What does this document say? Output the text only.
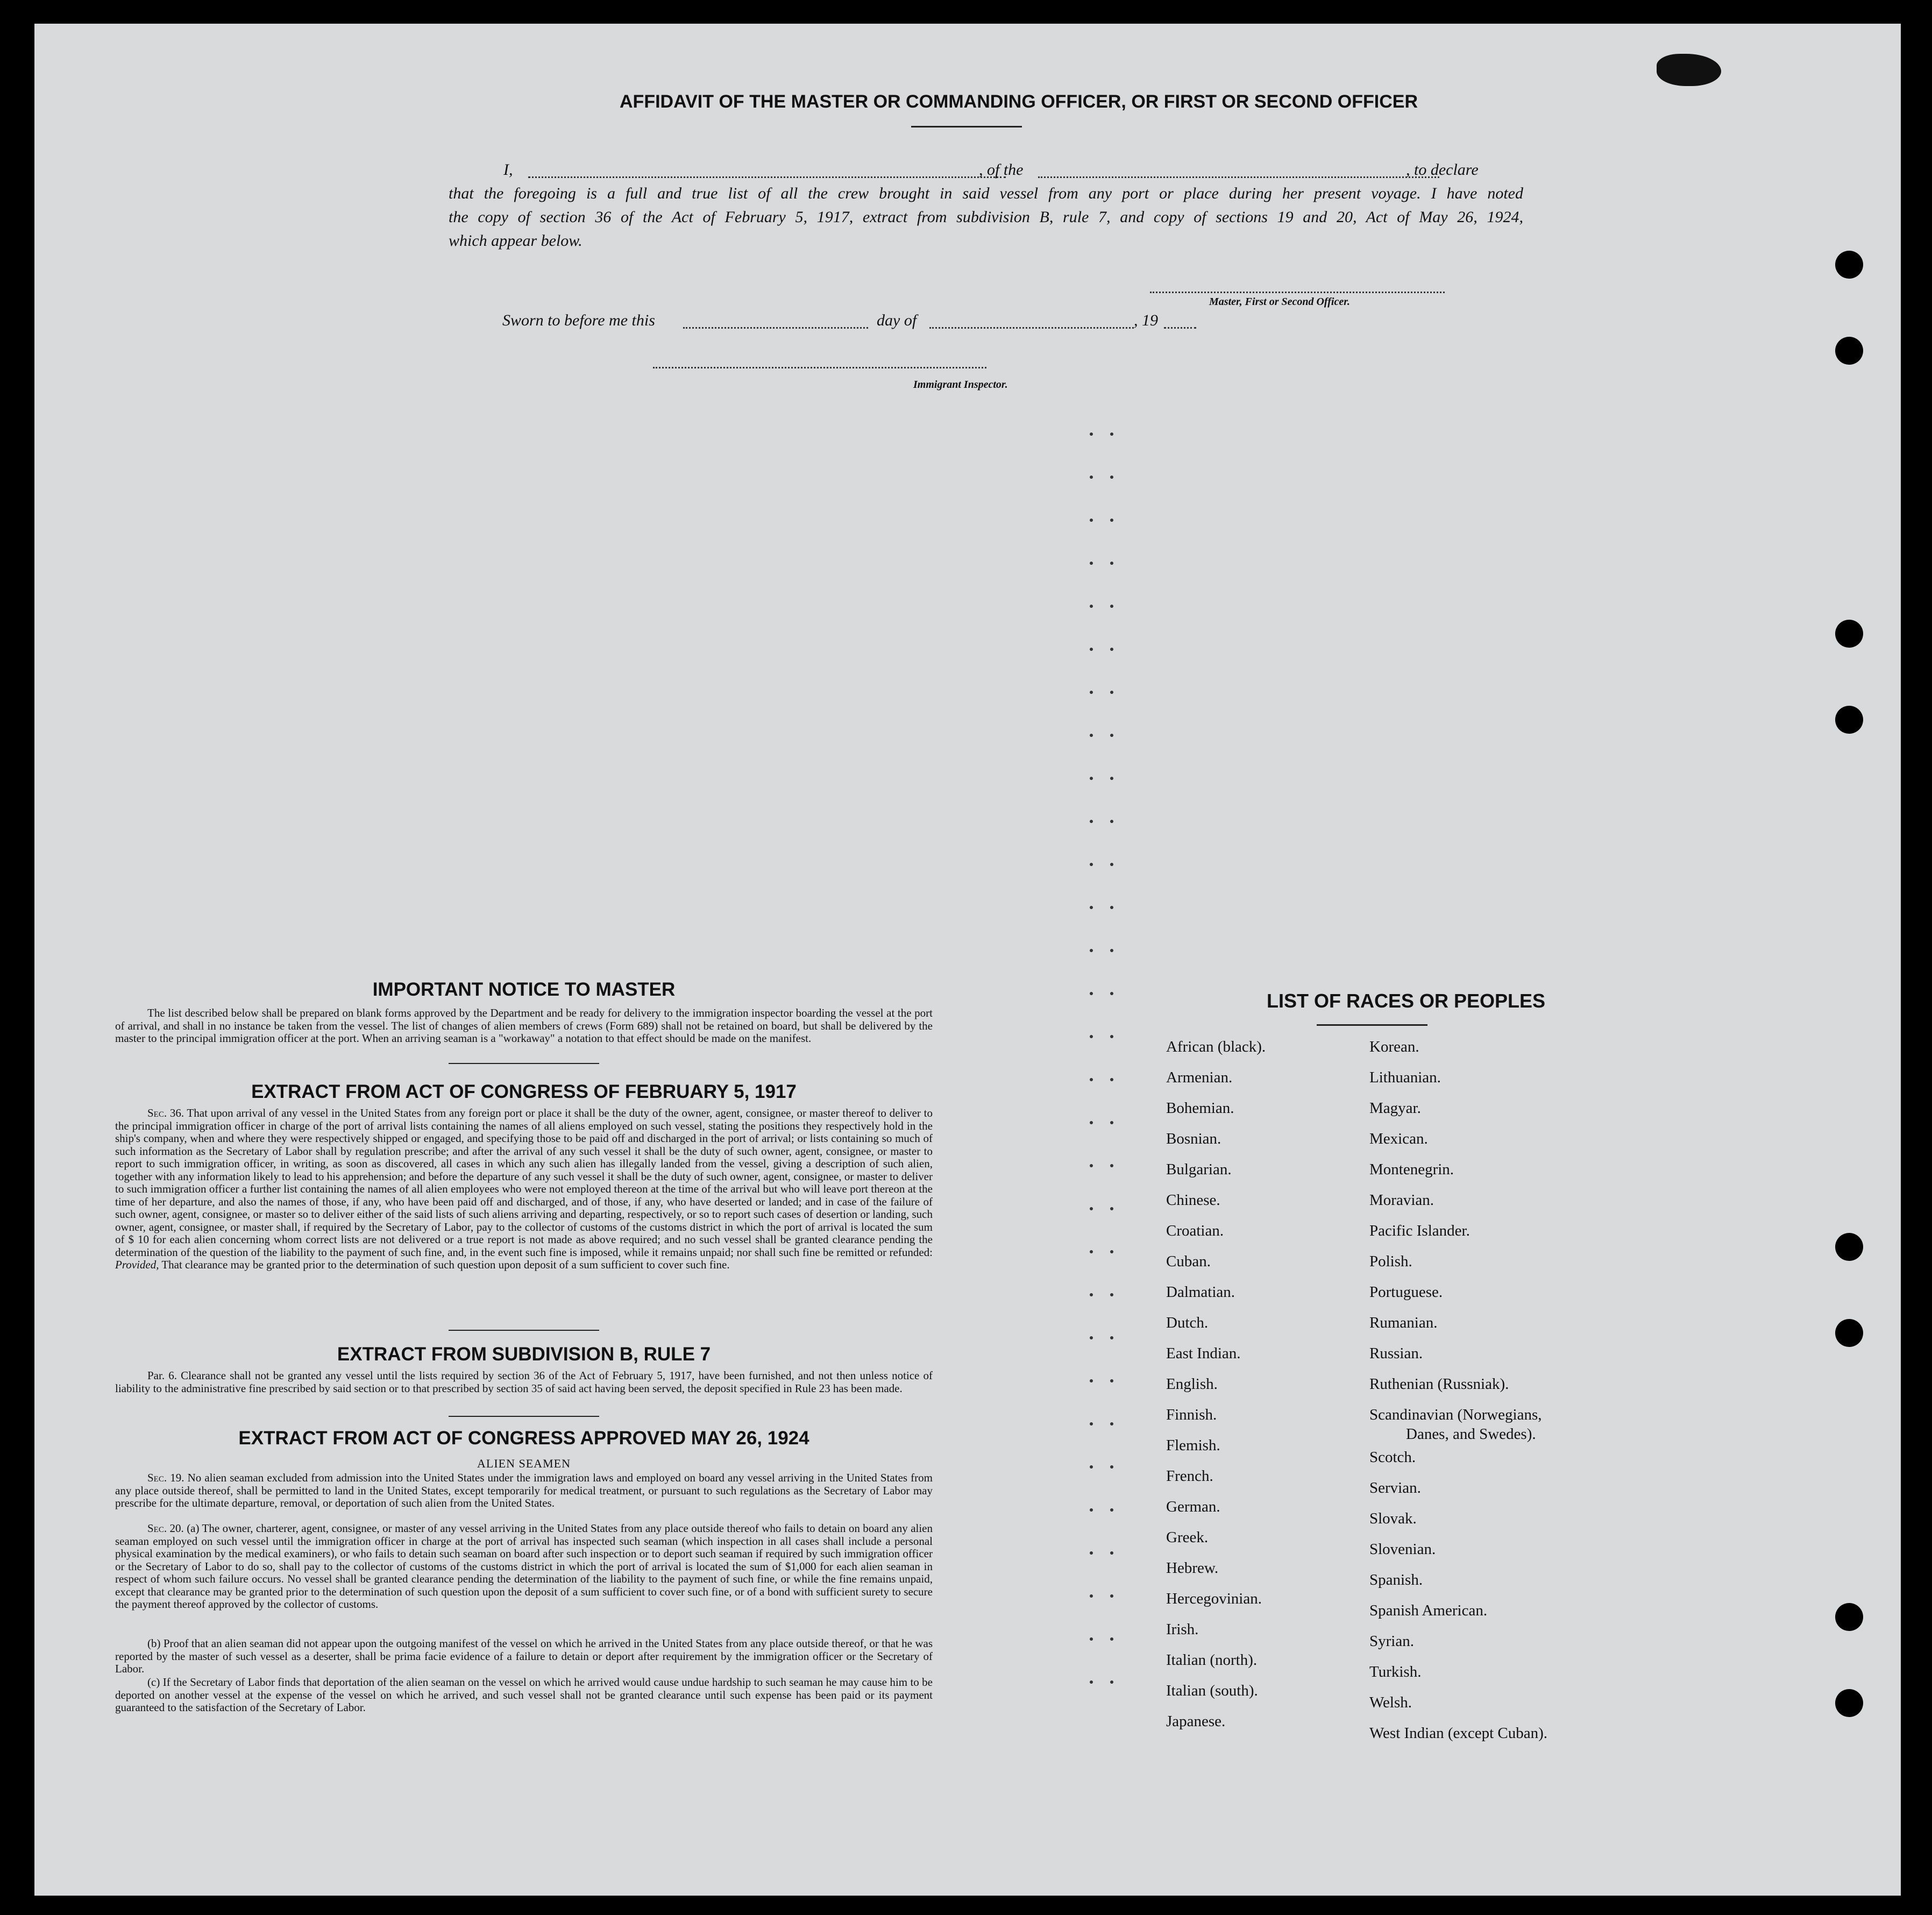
AFFIDAVIT OF THE MASTER OR COMMANDING OFFICER, OR FIRST OR SECOND OFFICER
I,	, of the	, to declare
that the foregoing is a full and true list of all the crew brought in said vessel from any port or place during her present voyage. I have noted
the copy of section 36 of the Act of February 5, 1917, extract from subdivision B, rule 7, and copy of sections 19 and 20, Act of May 26, 1924,
which appear below.
Master, First or Second Officer.
Sworn to before me this	day of	, 19
Immigrant Inspector.
IMPORTANT NOTICE TO MASTER
The list described below shall be prepared on blank forms approved by the Department and be ready for delivery to the immigration inspector boarding the vessel at the port of arrival, and shall in no instance be taken from the vessel. The list of changes of alien members of crews (Form 689) shall not be retained on board, but shall be delivered by the master to the principal immigration officer at the port. When an arriving seaman is a "workaway" a notation to that effect should be made on the manifest.
EXTRACT FROM ACT OF CONGRESS OF FEBRUARY 5, 1917
Sec. 36. That upon arrival of any vessel in the United States from any foreign port or place it shall be the duty of the owner, agent, consignee, or master thereof to deliver to the principal immigration officer in charge of the port of arrival lists containing the names of all aliens employed on such vessel, stating the positions they respectively hold in the ship's company, when and where they were respectively shipped or engaged, and specifying those to be paid off and discharged in the port of arrival; or lists containing so much of such information as the Secretary of Labor shall by regulation prescribe; and after the arrival of any such vessel it shall be the duty of such owner, agent, consignee, or master to report to such immigration officer, in writing, as soon as discovered, all cases in which any such alien has illegally landed from the vessel, giving a description of such alien, together with any information likely to lead to his apprehension; and before the departure of any such vessel it shall be the duty of such owner, agent, consignee, or master to deliver to such immigration officer a further list containing the names of all alien employees who were not employed thereon at the time of the arrival but who will leave port thereon at the time of her departure, and also the names of those, if any, who have been paid off and discharged, and of those, if any, who have deserted or landed; and in case of the failure of such owner, agent, consignee, or master so to deliver either of the said lists of such aliens arriving and departing, respectively, or so to report such cases of desertion or landing, such owner, agent, consignee, or master shall, if required by the Secretary of Labor, pay to the collector of customs of the customs district in which the port of arrival is located the sum of $ 10 for each alien concerning whom correct lists are not delivered or a true report is not made as above required; and no such vessel shall be granted clearance pending the determination of the question of the liability to the payment of such fine, and, in the event such fine is imposed, while it remains unpaid; nor shall such fine be remitted or refunded: Provided, That clearance may be granted prior to the determination of such question upon deposit of a sum sufficient to cover such fine.
EXTRACT FROM SUBDIVISION B, RULE 7
Par. 6. Clearance shall not be granted any vessel until the lists required by section 36 of the Act of February 5, 1917, have been furnished, and not then unless notice of liability to the administrative fine prescribed by said section or to that prescribed by section 35 of said act having been served, the deposit specified in Rule 23 has been made.
EXTRACT FROM ACT OF CONGRESS APPROVED MAY 26, 1924
ALIEN SEAMEN
Sec. 19. No alien seaman excluded from admission into the United States under the immigration laws and employed on board any vessel arriving in the United States from any place outside thereof, shall be permitted to land in the United States, except temporarily for medical treatment, or pursuant to such regulations as the Secretary of Labor may prescribe for the ultimate departure, removal, or deportation of such alien from the United States.
Sec. 20. (a) The owner, charterer, agent, consignee, or master of any vessel arriving in the United States from any place outside thereof who fails to detain on board any alien seaman employed on such vessel until the immigration officer in charge at the port of arrival has inspected such seaman (which inspection in all cases shall include a personal physical examination by the medical examiners), or who fails to detain such seaman on board after such inspection or to deport such seaman if required by such immigration officer or the Secretary of Labor to do so, shall pay to the collector of customs of the customs district in which the port of arrival is located the sum of $1,000 for each alien seaman in respect of whom such failure occurs. No vessel shall be granted clearance pending the determination of the liability to the payment of such fine, or while the fine remains unpaid, except that clearance may be granted prior to the determination of such question upon the deposit of a sum sufficient to cover such fine, or of a bond with sufficient surety to secure the payment thereof approved by the collector of customs.
(b) Proof that an alien seaman did not appear upon the outgoing manifest of the vessel on which he arrived in the United States from any place outside thereof, or that he was reported by the master of such vessel as a deserter, shall be prima facie evidence of a failure to detain or deport after requirement by the immigration officer or the Secretary of Labor.
(c) If the Secretary of Labor finds that deportation of the alien seaman on the vessel on which he arrived would cause undue hardship to such seaman he may cause him to be deported on another vessel at the expense of the vessel on which he arrived, and such vessel shall not be granted clearance until such expense has been paid or its payment guaranteed to the satisfaction of the Secretary of Labor.
LIST OF RACES OR PEOPLES
Danes, and Swedes).
African (black).
Armenian.
Bohemian.
Bosnian.
Bulgarian.
Chinese.
Croatian.
Cuban.
Dalmatian.
Dutch.
East Indian.
English.
Finnish.
Flemish.
French.
German.
Greek.
Hebrew.
Hercegovinian.
Irish.
Italian (north).
Italian (south).
Japanese.
Korean.
Lithuanian.
Magyar.
Mexican.
Montenegrin.
Moravian.
Pacific Islander.
Polish.
Portuguese.
Rumanian.
Russian.
Ruthenian (Russniak).
Scandinavian (Norwegians,
Scotch.
Servian.
Slovak.
Slovenian.
Spanish.
Spanish American.
Syrian.
Turkish.
Welsh.
West Indian (except Cuban).
